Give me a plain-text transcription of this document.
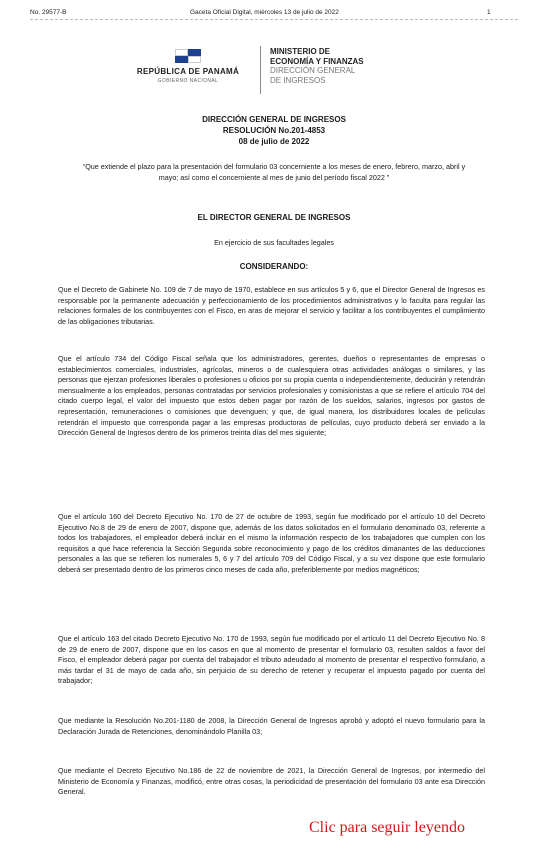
No. 29577-B	Gaceta Oficial Digital, miércoles 13 de julio de 2022	1
REPÚBLICA DE PANAMÁ
GOBIERNO NACIONAL
MINISTERIO DE
ECONOMÍA Y FINANZAS
DIRECCIÓN GENERAL
DE INGRESOS
DIRECCIÓN GENERAL DE INGRESOS
RESOLUCIÓN No.201-4853
08 de julio de 2022
“Que extiende el plazo para la presentación del formulario 03 concerniente a los meses de enero, febrero, marzo, abril y mayo; así como el concerniente al mes de junio del período fiscal 2022 ”
EL DIRECTOR GENERAL DE INGRESOS
En ejercicio de sus facultades legales
CONSIDERANDO:
Que el Decreto de Gabinete No. 109 de 7 de mayo de 1970, establece en sus artículos 5 y 6, que el Director General de Ingresos es responsable por la permanente adecuación y perfeccionamiento de los procedimientos administrativos y lo faculta para regular las relaciones formales de los contribuyentes con el Fisco, en aras de mejorar el servicio y facilitar a los contribuyentes el cumplimiento de las obligaciones tributarias.
Que el artículo 734 del Código Fiscal señala que los administradores, gerentes, dueños o representantes de empresas o establecimientos comerciales, industriales, agrícolas, mineros o de cualesquiera otras actividades análogas o similares, y las personas que ejerzan profesiones liberales o profesiones u oficios por su propia cuenta o independientemente, deducirán y retendrán mensualmente a los empleados, personas contratadas por servicios profesionales y comisionistas a que se refiere el artículo 704 del citado cuerpo legal, el valor del impuesto que estos deben pagar por razón de los sueldos, salarios, ingresos por gastos de representación, remuneraciones o comisiones que devenguen; y que, de igual manera, los distribuidores locales de películas retendrán el impuesto que corresponda pagar a las empresas productoras de películas, cuyo producto deberá ser enviado a la Dirección General de Ingresos dentro de los primeros treinta días del mes siguiente;
Que el artículo 160 del Decreto Ejecutivo No. 170 de 27 de octubre de 1993, según fue modificado por el artículo 10 del Decreto Ejecutivo No.8 de 29 de enero de 2007, dispone que, además de los datos solicitados en el formulario denominado 03, referente a todos los trabajadores, el empleador deberá incluir en el mismo la información respecto de los trabajadores que cumplen con los requisitos a que hace referencia la Sección Segunda sobre reconocimiento y pago de los créditos dimanantes de las deducciones personales a las que se refieren los numerales 5, 6 y 7 del artículo 709 del Código Fiscal, y a su vez dispone que este formulario deberá ser presentado dentro de los primeros cinco meses de cada año, preferiblemente por medios magnéticos;
Que el artículo 163 del citado Decreto Ejecutivo No. 170 de 1993, según fue modificado por el artículo 11 del Decreto Ejecutivo No. 8 de 29 de enero de 2007, dispone que en los casos en que al momento de presentar el formulario 03, resulten saldos a favor del Fisco, el empleador deberá pagar por cuenta del trabajador el tributo adeudado al momento de presentar el respectivo formulario, a más tardar el 31 de mayo de cada año, sin perjuicio de su derecho de retener y recuperar el impuesto pagado por cuenta del trabajador;
Que mediante la Resolución No.201-1180 de 2008, la Dirección General de Ingresos aprobó y adoptó el nuevo formulario para la Declaración Jurada de Retenciones, denominándolo Planilla 03;
Que mediante el Decreto Ejecutivo No.186 de 22 de noviembre de 2021, la Dirección General de Ingresos, por intermedio del Ministerio de Economía y Finanzas, modificó, entre otras cosas, la periodicidad de presentación del formulario 03 ante esa Dirección General.
Clic para seguir leyendo
